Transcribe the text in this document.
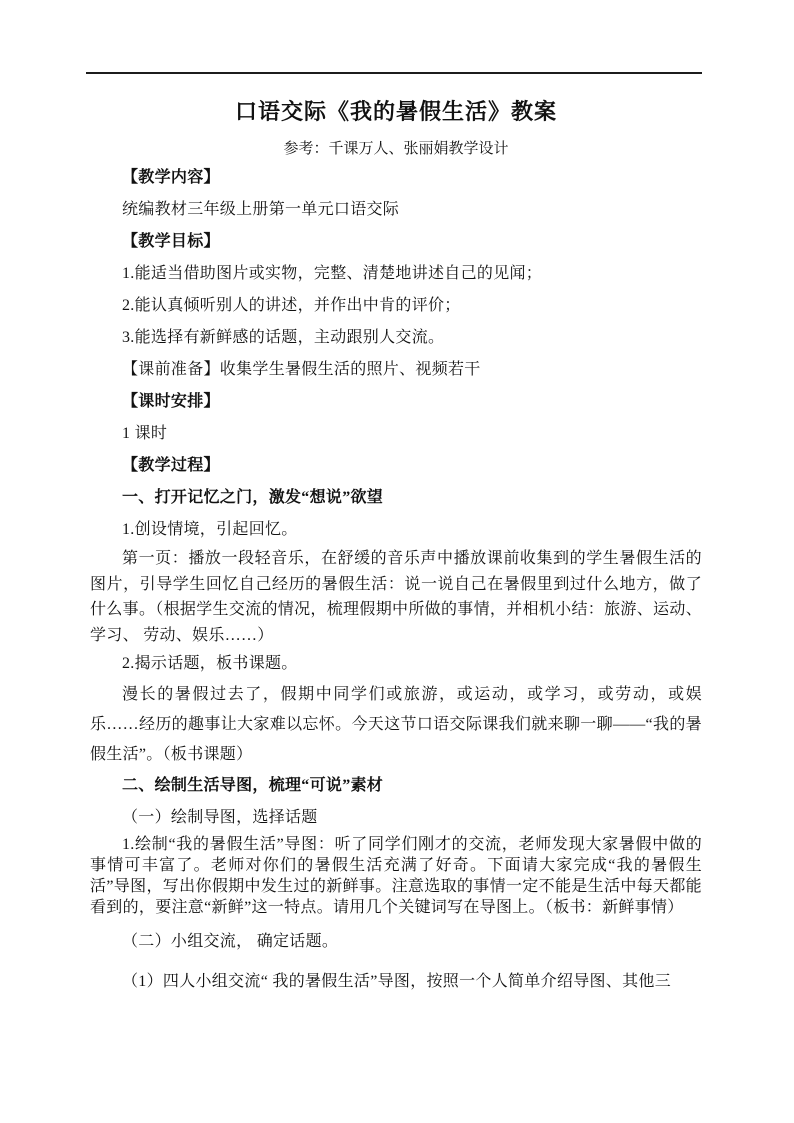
口语交际《我的暑假生活》教案
参考：千课万人、张丽娟教学设计
【教学内容】
统编教材三年级上册第一单元口语交际
【教学目标】
1.能适当借助图片或实物，完整、清楚地讲述自己的见闻；
2.能认真倾听别人的讲述，并作出中肯的评价；
3.能选择有新鲜感的话题，主动跟别人交流。
【课前准备】收集学生暑假生活的照片、视频若干
【课时安排】
1 课时
【教学过程】
一、打开记忆之门，激发“想说”欲望
1.创设情境，引起回忆。
第一页：播放一段轻音乐，在舒缓的音乐声中播放课前收集到的学生暑假生活的图片，引导学生回忆自己经历的暑假生活：说一说自己在暑假里到过什么地方，做了什么事。（根据学生交流的情况，梳理假期中所做的事情，并相机小结：旅游、运动、学习、 劳动、娱乐……）
2.揭示话题，板书课题。
漫长的暑假过去了，假期中同学们或旅游，或运动，或学习，或劳动，或娱乐……经历的趣事让大家难以忘怀。今天这节口语交际课我们就来聊一聊——“我的暑假生活”。（板书课题）
二、绘制生活导图，梳理“可说”素材
（一）绘制导图，选择话题
1.绘制“我的暑假生活”导图：听了同学们刚才的交流，老师发现大家暑假中做的事情可丰富了。老师对你们的暑假生活充满了好奇。下面请大家完成“我的暑假生活”导图，写出你假期中发生过的新鲜事。注意选取的事情一定不能是生活中每天都能看到的，要注意“新鲜”这一特点。请用几个关键词写在导图上。（板书：新鲜事情）
（二）小组交流， 确定话题。
（1）四人小组交流“ 我的暑假生活”导图，按照一个人简单介绍导图、其他三
